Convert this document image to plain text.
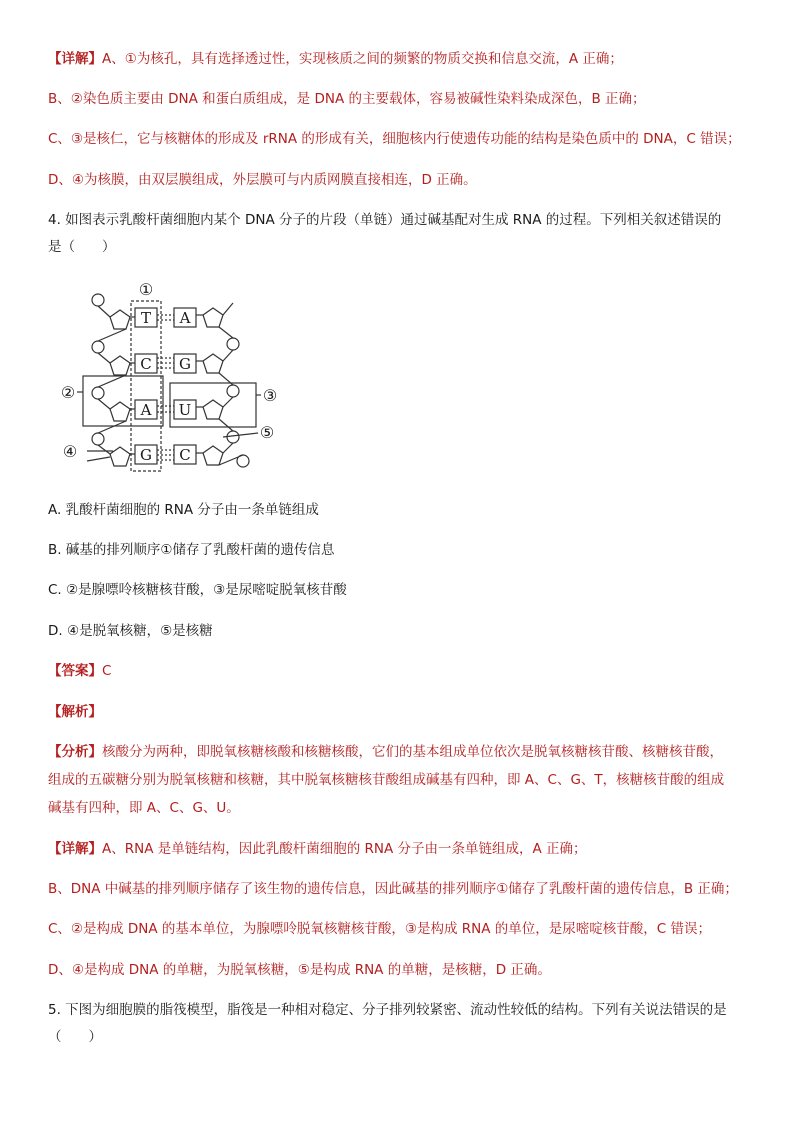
【详解】A、①为核孔，具有选择透过性，实现核质之间的频繁的物质交换和信息交流，A 正确；
B、②染色质主要由 DNA 和蛋白质组成，是 DNA 的主要载体，容易被碱性染料染成深色，B 正确；
C、③是核仁，它与核糖体的形成及 rRNA 的形成有关，细胞核内行使遗传功能的结构是染色质中的 DNA，C 错误；
D、④为核膜，由双层膜组成，外层膜可与内质网膜直接相连，D 正确。
4. 如图表示乳酸杆菌细胞内某个 DNA 分子的片段（单链）通过碱基配对生成 RNA 的过程。下列相关叙述错误的
是（　　）
T
C
A
G
A
G
U
C
①
②	③
④
⑤
A. 乳酸杆菌细胞的 RNA 分子由一条单链组成
B. 碱基的排列顺序①储存了乳酸杆菌的遗传信息
C. ②是腺嘌呤核糖核苷酸，③是尿嘧啶脱氧核苷酸
D. ④是脱氧核糖，⑤是核糖
【答案】C
【解析】
【分析】核酸分为两种，即脱氧核糖核酸和核糖核酸，它们的基本组成单位依次是脱氧核糖核苷酸、核糖核苷酸，
组成的五碳糖分别为脱氧核糖和核糖，其中脱氧核糖核苷酸组成碱基有四种，即 A、C、G、T，核糖核苷酸的组成
碱基有四种，即 A、C、G、U。
【详解】A、RNA 是单链结构，因此乳酸杆菌细胞的 RNA 分子由一条单链组成，A 正确；
B、DNA 中碱基的排列顺序储存了该生物的遗传信息，因此碱基的排列顺序①储存了乳酸杆菌的遗传信息，B 正确；
C、②是构成 DNA 的基本单位，为腺嘌呤脱氧核糖核苷酸，③是构成 RNA 的单位，是尿嘧啶核苷酸，C 错误；
D、④是构成 DNA 的单糖，为脱氧核糖，⑤是构成 RNA 的单糖，是核糖，D 正确。
5. 下图为细胞膜的脂筏模型，脂筏是一种相对稳定、分子排列较紧密、流动性较低的结构。下列有关说法错误的是
（　　）
